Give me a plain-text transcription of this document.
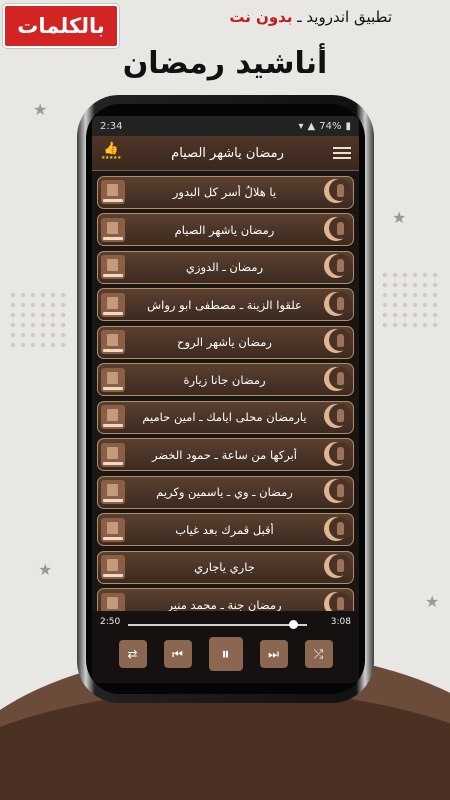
★
★
★
★
بالكلمات	تطبيق اندرويد ـ بدون نت
أناشيد رمضان
2:34	▾ ▲ 74% ▮
👍
★★★★★	رمضان ياشهر الصيام
يا هلالُ أسر كل البدور
رمضان ياشهر الصيام
رمضان ـ الدوزي
علقوا الزينة ـ مصطفى ابو رواش
رمضان ياشهر الروح
رمضان جانا زيارة
يارمضان محلى ايامك ـ امين حاميم
أبركها من ساعة ـ حمود الخضر
رمضان ـ وي ـ ياسمين وكريم
أقبل قمرك بعد غياب
جاري ياجاري
رمضان جنة ـ محمد منير
2:50	3:08
⇄	⏮	⏸	⏭	⤮
